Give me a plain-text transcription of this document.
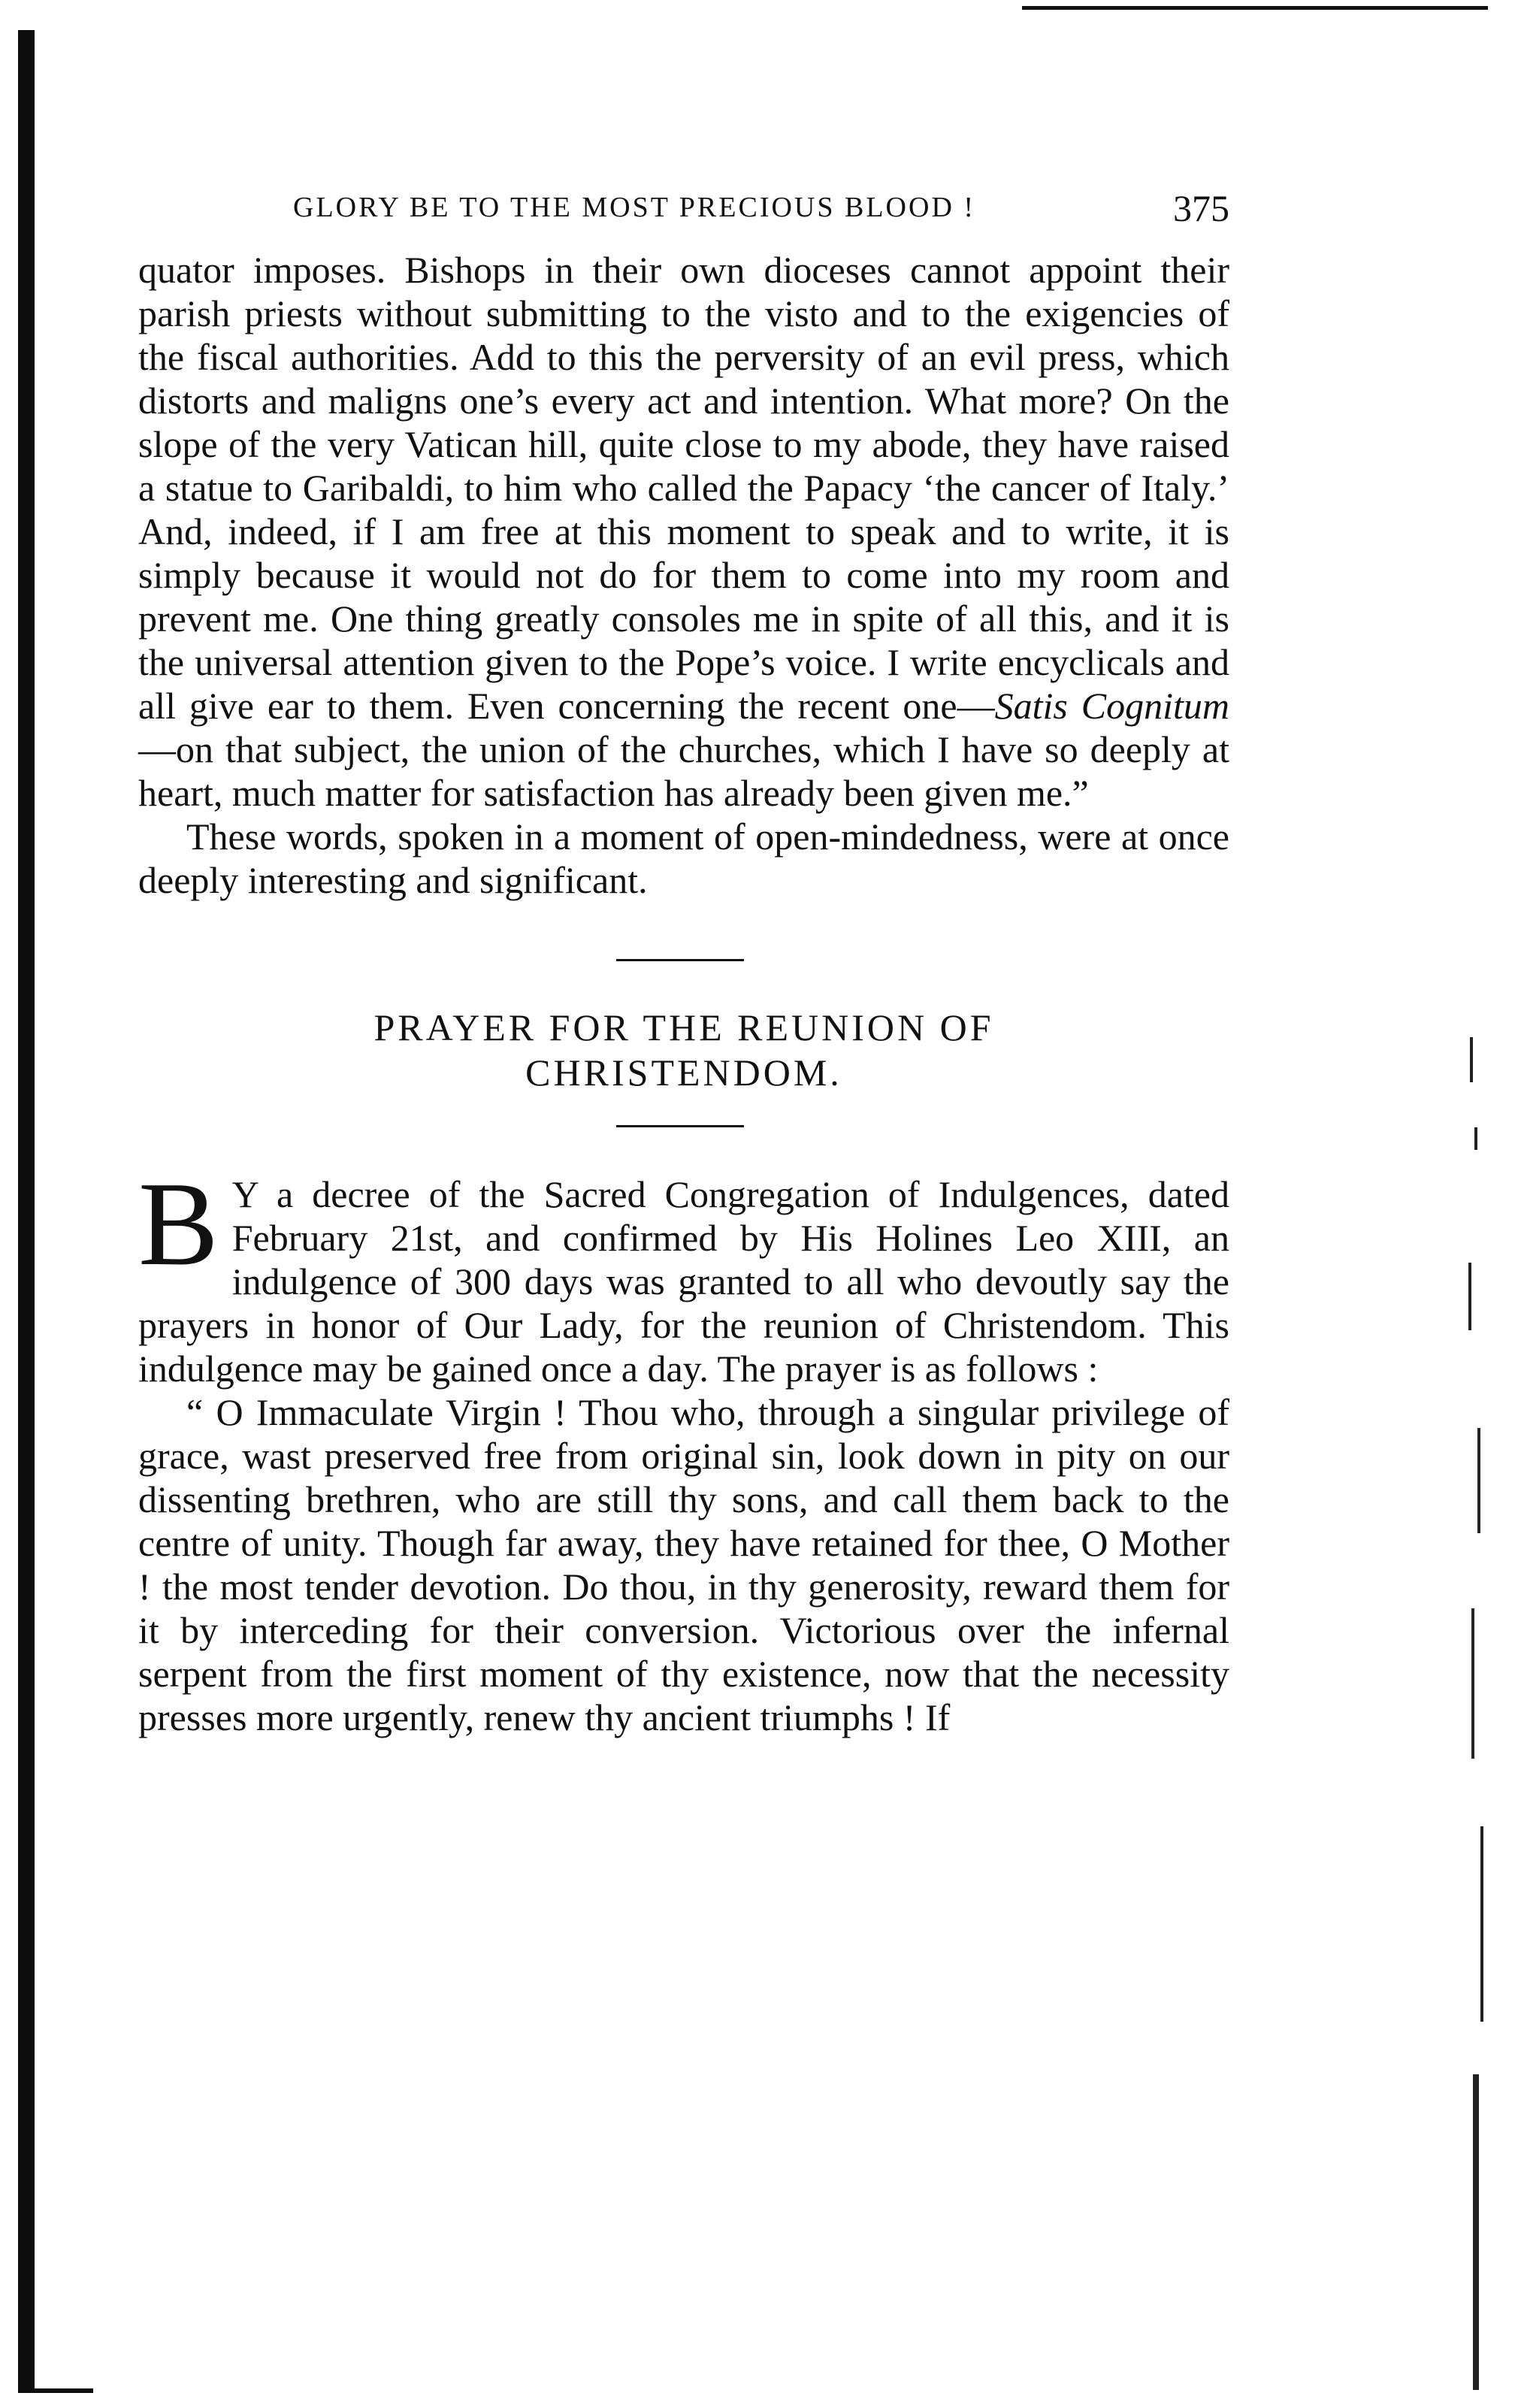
GLORY BE TO THE MOST PRECIOUS BLOOD !	375

quator imposes. Bishops in their own dioceses cannot appoint their parish priests without submitting to the visto and to the exigencies of the fiscal authorities. Add to this the perversity of an evil press, which distorts and maligns one’s every act and intention. What more? On the slope of the very Vatican hill, quite close to my abode, they have raised a statue to Garibaldi, to him who called the Papacy ‘the cancer of Italy.’ And, indeed, if I am free at this moment to speak and to write, it is simply because it would not do for them to come into my room and prevent me. One thing greatly consoles me in spite of all this, and it is the universal attention given to the Pope’s voice. I write encyclicals and all give ear to them. Even concerning the recent one—Satis Cognitum —on that subject, the union of the churches, which I have so deeply at heart, much matter for satisfaction has already been given me.”

These words, spoken in a moment of open-mindedness, were at once deeply interesting and significant.

PRAYER FOR THE REUNION OF
CHRISTENDOM.

B Y a decree of the Sacred Congregation of Indulgences, dated February 21st, and confirmed by His Holines Leo XIII, an indulgence of 300 days was granted to all who devoutly say the prayers in honor of Our Lady, for the reunion of Christendom. This indulgence may be gained once a day. The prayer is as follows :

“ O Immaculate Virgin ! Thou who, through a singular privilege of grace, wast preserved free from original sin, look down in pity on our dissenting brethren, who are still thy sons, and call them back to the centre of unity. Though far away, they have retained for thee, O Mother ! the most tender devotion. Do thou, in thy generosity, reward them for it by interceding for their conversion. Victorious over the infernal serpent from the first moment of thy existence, now that the necessity presses more urgently, renew thy ancient triumphs ! If
